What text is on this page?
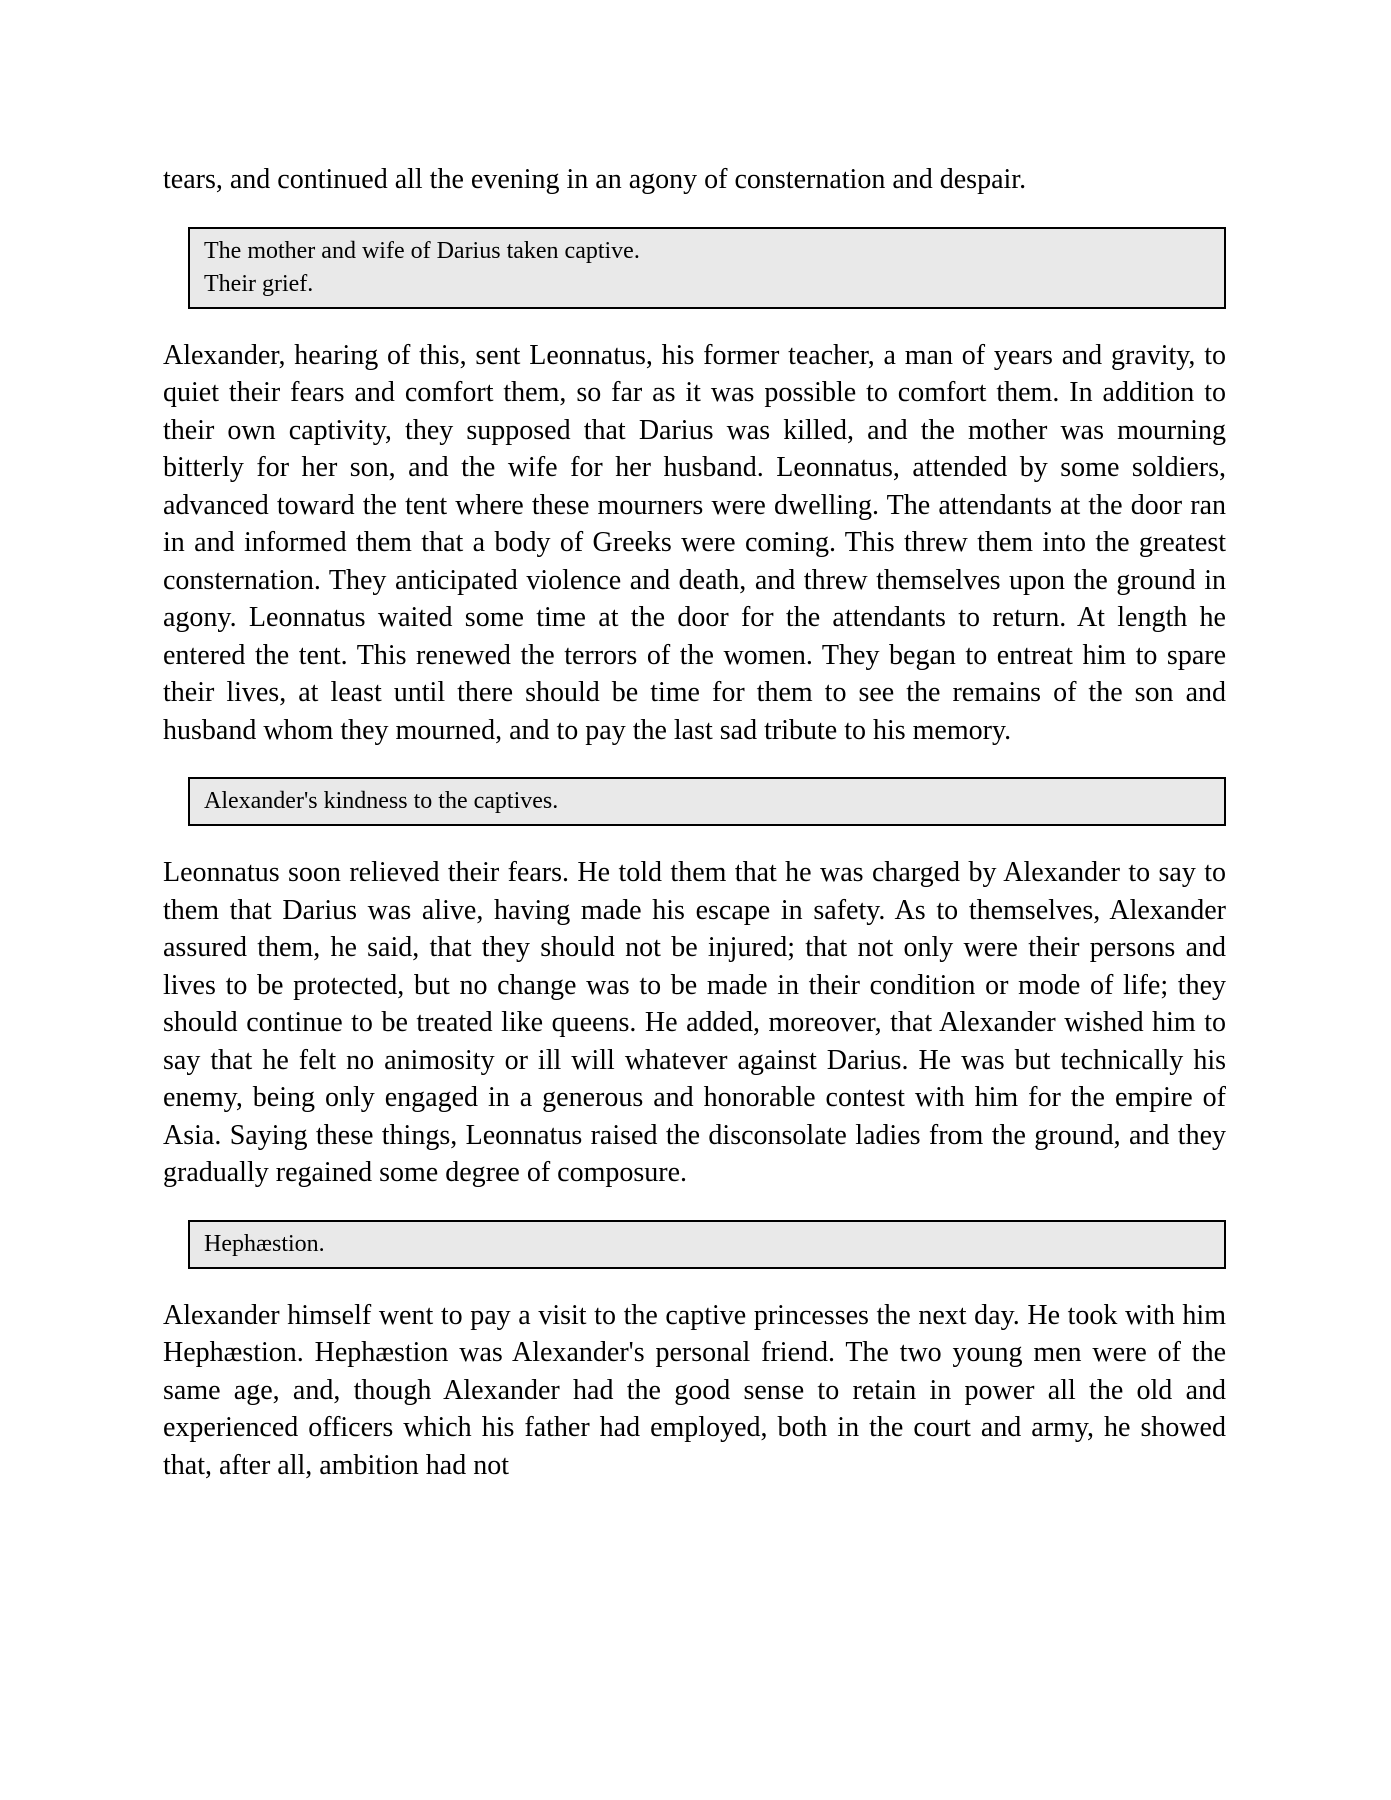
tears, and continued all the evening in an agony of consternation and despair.

The mother and wife of Darius taken captive.
Their grief.

Alexander, hearing of this, sent Leonnatus, his former teacher, a man of years and gravity, to quiet their fears and comfort them, so far as it was possible to comfort them. In addition to their own captivity, they supposed that Darius was killed, and the mother was mourning bitterly for her son, and the wife for her husband. Leonnatus, attended by some soldiers, advanced toward the tent where these mourners were dwelling. The attendants at the door ran in and informed them that a body of Greeks were coming. This threw them into the greatest consternation. They anticipated violence and death, and threw themselves upon the ground in agony. Leonnatus waited some time at the door for the attendants to return. At length he entered the tent. This renewed the terrors of the women. They began to entreat him to spare their lives, at least until there should be time for them to see the remains of the son and husband whom they mourned, and to pay the last sad tribute to his memory.

Alexander's kindness to the captives.

Leonnatus soon relieved their fears. He told them that he was charged by Alexander to say to them that Darius was alive, having made his escape in safety. As to themselves, Alexander assured them, he said, that they should not be injured; that not only were their persons and lives to be protected, but no change was to be made in their condition or mode of life; they should continue to be treated like queens. He added, moreover, that Alexander wished him to say that he felt no animosity or ill will whatever against Darius. He was but technically his enemy, being only engaged in a generous and honorable contest with him for the empire of Asia. Saying these things, Leonnatus raised the disconsolate ladies from the ground, and they gradually regained some degree of composure.

Hephæstion.

Alexander himself went to pay a visit to the captive princesses the next day. He took with him Hephæstion. Hephæstion was Alexander's personal friend. The two young men were of the same age, and, though Alexander had the good sense to retain in power all the old and experienced officers which his father had employed, both in the court and army, he showed that, after all, ambition had not
